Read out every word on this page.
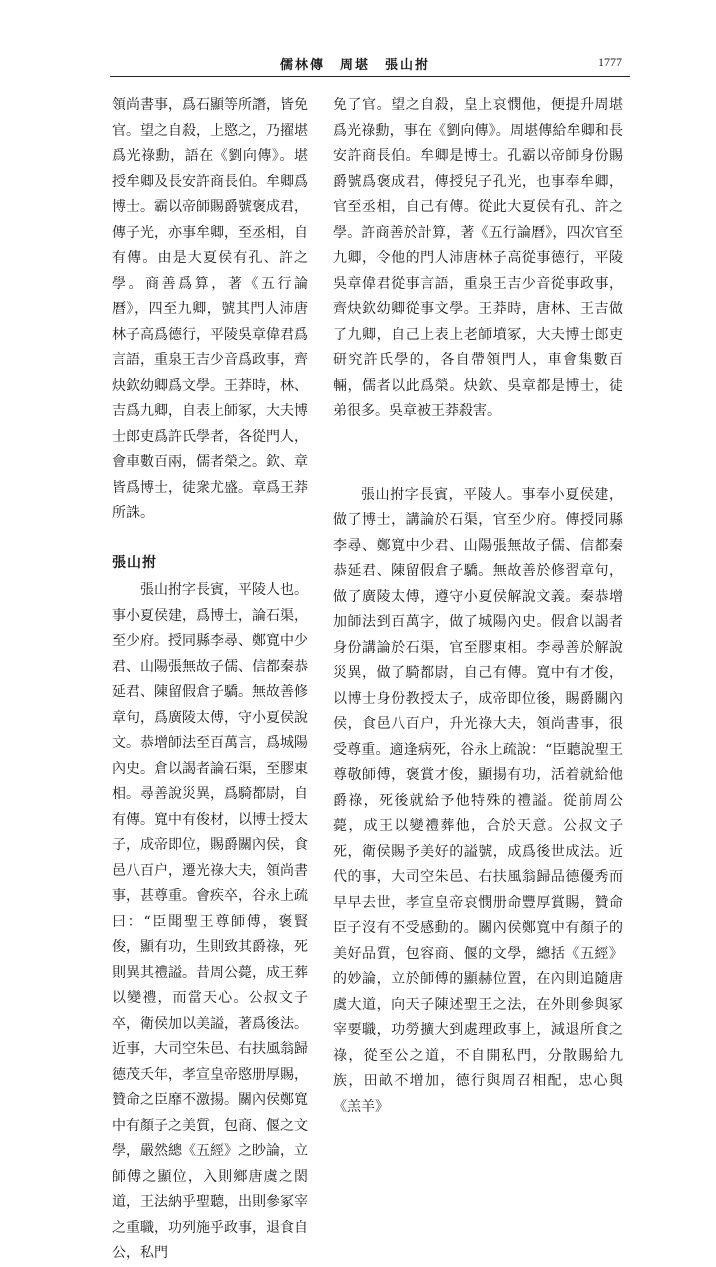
儒林傳　周堪　張山拊	1777

領尚書事，爲石顯等所譖，皆免官。望之自殺，上愍之，乃擢堪爲光祿勳，語在《劉向傳》。堪授牟卿及長安許商長伯。牟卿爲博士。霸以帝師賜爵號褒成君，傳子光，亦事牟卿，至丞相，自有傳。由是大夏侯有孔、許之學。商善爲算，著《五行論曆》，四至九卿，號其門人沛唐林子高爲德行，平陵吳章偉君爲言語，重泉王吉少音爲政事，齊炔欽幼卿爲文學。王莽時，林、吉爲九卿，自表上師冢，大夫博士郎吏爲許氏學者，各從門人，會車數百兩，儒者榮之。欽、章皆爲博士，徒衆尤盛。章爲王莽所誅。

張山拊

張山拊字長賓，平陵人也。事小夏侯建，爲博士，論石渠，至少府。授同縣李尋、鄭寬中少君、山陽張無故子儒、信都秦恭延君、陳留假倉子驕。無故善修章句，爲廣陵太傅，守小夏侯說文。恭增師法至百萬言，爲城陽內史。倉以謁者論石渠，至膠東相。尋善說災異，爲騎都尉，自有傳。寬中有俊材，以博士授太子，成帝即位，賜爵關內侯，食邑八百户，遷光祿大夫，領尚書事，甚尊重。會疾卒，谷永上疏曰：“臣聞聖王尊師傅，褒賢俊，顯有功，生則致其爵祿，死則異其禮謚。昔周公薨，成王葬以變禮，而當天心。公叔文子卒，衛侯加以美謚，著爲後法。近事，大司空朱邑、右扶風翁歸德茂夭年，孝宣皇帝愍册厚賜，贊命之臣靡不激揚。關內侯鄭寬中有顏子之美質，包商、偃之文學，嚴然總《五經》之眇論，立師傅之顯位，入則鄉唐虞之閎道，王法納乎聖聽，出則參冢宰之重職，功列施乎政事，退食自公，私門

免了官。望之自殺，皇上哀憫他，便提升周堪爲光祿勳，事在《劉向傳》。周堪傳給牟卿和長安許商長伯。牟卿是博士。孔霸以帝師身份賜爵號爲褒成君，傳授兒子孔光，也事奉牟卿，官至丞相，自己有傳。從此大夏侯有孔、許之學。許商善於計算，著《五行論曆》，四次官至九卿，令他的門人沛唐林子高從事德行，平陵吳章偉君從事言語，重泉王吉少音從事政事，齊炔欽幼卿從事文學。王莽時，唐林、王吉做了九卿，自己上表上老師墳冢，大夫博士郎吏研究許氏學的，各自帶領門人，車會集數百輛，儒者以此爲榮。炔欽、吳章都是博士，徒弟很多。吳章被王莽殺害。

張山拊字長賓，平陵人。事奉小夏侯建，做了博士，講論於石渠，官至少府。傳授同縣李尋、鄭寬中少君、山陽張無故子儒、信都秦恭延君、陳留假倉子驕。無故善於修習章句，做了廣陵太傅，遵守小夏侯解說文義。秦恭增加師法到百萬字，做了城陽內史。假倉以謁者身份講論於石渠，官至膠東相。李尋善於解說災異，做了騎都尉，自己有傳。寬中有才俊，以博士身份教授太子，成帝即位後，賜爵關內侯，食邑八百户，升光祿大夫，領尚書事，很受尊重。適逢病死，谷永上疏說：“臣聽說聖王尊敬師傅，褒賞才俊，顯揚有功，活着就給他爵祿，死後就給予他特殊的禮謚。從前周公薨，成王以變禮葬他，合於天意。公叔文子死，衛侯賜予美好的謚號，成爲後世成法。近代的事，大司空朱邑、右扶風翁歸品德優秀而早早去世，孝宣皇帝哀憫册命豐厚賞賜，贊命臣子沒有不受感動的。關內侯鄭寬中有顏子的美好品質，包容商、偃的文學，總括《五經》的妙論，立於師傅的顯赫位置，在內則追隨唐虞大道，向天子陳述聖王之法，在外則參與冢宰要職，功勞擴大到處理政事上，減退所食之祿，從至公之道，不自開私門，分散賜給九族，田畝不增加，德行與周召相配，忠心與《羔羊》
